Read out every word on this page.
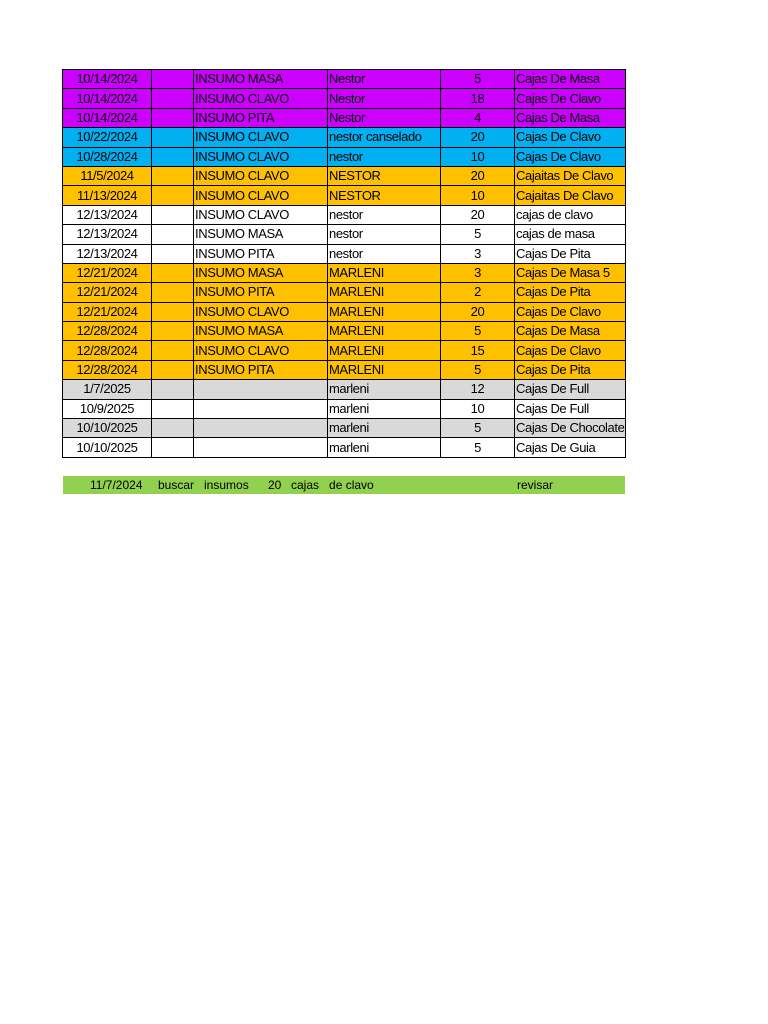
10/14/2024		INSUMO MASA	Nestor	5	Cajas De Masa
10/14/2024		INSUMO CLAVO	Nestor	18	Cajas De Clavo
10/14/2024		INSUMO PITA	Nestor	4	Cajas De Masa
10/22/2024		INSUMO CLAVO	nestor canselado	20	Cajas De Clavo
10/28/2024		INSUMO CLAVO	nestor	10	Cajas De Clavo
11/5/2024		INSUMO CLAVO	NESTOR	20	Cajaitas De Clavo
11/13/2024		INSUMO CLAVO	NESTOR	10	Cajaitas De Clavo
12/13/2024		INSUMO CLAVO	nestor	20	cajas de clavo
12/13/2024		INSUMO MASA	nestor	5	cajas de masa
12/13/2024		INSUMO PITA	nestor	3	Cajas De Pita
12/21/2024		INSUMO MASA	MARLENI	3	Cajas De Masa 5
12/21/2024		INSUMO PITA	MARLENI	2	Cajas De Pita
12/21/2024		INSUMO CLAVO	MARLENI	20	Cajas De Clavo
12/28/2024		INSUMO MASA	MARLENI	5	Cajas De Masa
12/28/2024		INSUMO CLAVO	MARLENI	15	Cajas De Clavo
12/28/2024		INSUMO PITA	MARLENI	5	Cajas De Pita
1/7/2025			marleni	12	Cajas De Full
10/9/2025			marleni	10	Cajas De Full
10/10/2025			marleni	5	Cajas De Chocolate
10/10/2025			marleni	5	Cajas De Guia
11/7/2024 buscar   insumos 20 cajas   de clavo	revisar
